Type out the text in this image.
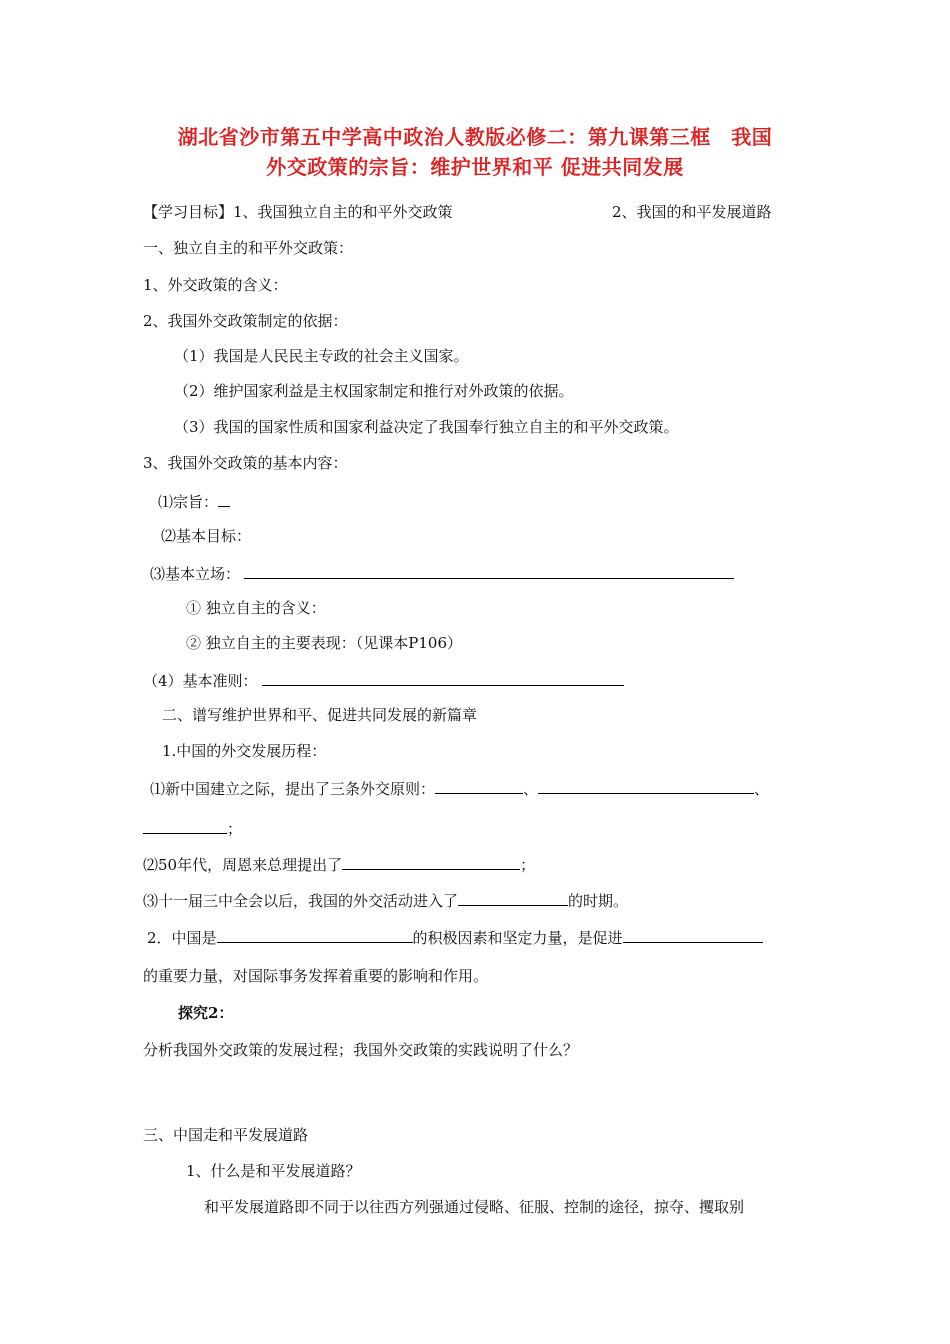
湖北省沙市第五中学高中政治人教版必修二：第九课第三框　我国
外交政策的宗旨：维护世界和平 促进共同发展
【学习目标】1、我国独立自主的和平外交政策	2、我国的和平发展道路
一、独立自主的和平外交政策：
1、外交政策的含义：
2、我国外交政策制定的依据：
（1）我国是人民民主专政的社会主义国家。
（2）维护国家利益是主权国家制定和推行对外政策的依据。
（3）我国的国家性质和国家利益决定了我国奉行独立自主的和平外交政策。
3、我国外交政策的基本内容：
⑴宗旨：
⑵基本目标：
⑶基本立场：
① 独立自主的含义：
② 独立自主的主要表现：（见课本P106）
（4）基本准则：
二、谱写维护世界和平、促进共同发展的新篇章
1.中国的外交发展历程：
⑴新中国建立之际，提出了三条外交原则：	、	、
；
⑵50年代，周恩来总理提出了	；
⑶十一届三中全会以后，我国的外交活动进入了	的时期。
2．中国是	的积极因素和坚定力量，是促进
的重要力量，对国际事务发挥着重要的影响和作用。
探究2：
分析我国外交政策的发展过程；我国外交政策的实践说明了什么？
三、中国走和平发展道路
1、什么是和平发展道路？
和平发展道路即不同于以往西方列强通过侵略、征服、控制的途径，掠夺、攫取别
